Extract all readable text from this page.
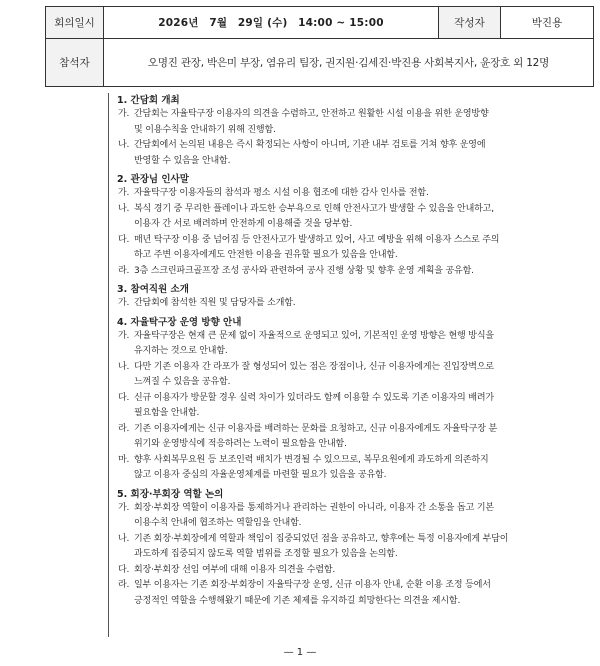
회의일시	2026년　7월　29일 (수)　14:00 ~ 15:00	작성자	박진용
참석자	오명진 관장, 박은미 부장, 염유리 팀장, 권지원·김세진·박진용 사회복지사, 윤장호 외 12명		
1. 간담회 개최
가. 간담회는 자율탁구장 이용자의 의견을 수렴하고, 안전하고 원활한 시설 이용을 위한 운영방향
및 이용수칙을 안내하기 위해 진행함.
나. 간담회에서 논의된 내용은 즉시 확정되는 사항이 아니며, 기관 내부 검토를 거쳐 향후 운영에
반영할 수 있음을 안내함.
2. 관장님 인사말
가. 자율탁구장 이용자들의 참석과 평소 시설 이용 협조에 대한 감사 인사를 전함.
나. 복식 경기 중 무리한 플레이나 과도한 승부욕으로 인해 안전사고가 발생할 수 있음을 안내하고,
이용자 간 서로 배려하며 안전하게 이용해줄 것을 당부함.
다. 매년 탁구장 이용 중 넘어짐 등 안전사고가 발생하고 있어, 사고 예방을 위해 이용자 스스로 주의
하고 주변 이용자에게도 안전한 이용을 권유할 필요가 있음을 안내함.
라. 3층 스크린파크골프장 조성 공사와 관련하여 공사 진행 상황 및 향후 운영 계획을 공유함.
3. 참여직원 소개
가. 간담회에 참석한 직원 및 담당자를 소개함.
4. 자율탁구장 운영 방향 안내
가. 자율탁구장은 현재 큰 문제 없이 자율적으로 운영되고 있어, 기본적인 운영 방향은 현행 방식을
유지하는 것으로 안내함.
나. 다만 기존 이용자 간 라포가 잘 형성되어 있는 점은 장점이나, 신규 이용자에게는 진입장벽으로
느껴질 수 있음을 공유함.
다. 신규 이용자가 방문할 경우 실력 차이가 있더라도 함께 이용할 수 있도록 기존 이용자의 배려가
필요함을 안내함.
라. 기존 이용자에게는 신규 이용자를 배려하는 문화를 요청하고, 신규 이용자에게도 자율탁구장 분
위기와 운영방식에 적응하려는 노력이 필요함을 안내함.
마. 향후 사회복무요원 등 보조인력 배치가 변경될 수 있으므로, 복무요원에게 과도하게 의존하지
않고 이용자 중심의 자율운영체계를 마련할 필요가 있음을 공유함.
5. 회장·부회장 역할 논의
가. 회장·부회장 역할이 이용자를 통제하거나 관리하는 권한이 아니라, 이용자 간 소통을 돕고 기본
이용수칙 안내에 협조하는 역할임을 안내함.
나. 기존 회장·부회장에게 역할과 책임이 집중되었던 점을 공유하고, 향후에는 특정 이용자에게 부담이
과도하게 집중되지 않도록 역할 범위를 조정할 필요가 있음을 논의함.
다. 회장·부회장 선임 여부에 대해 이용자 의견을 수렴함.
라. 일부 이용자는 기존 회장·부회장이 자율탁구장 운영, 신규 이용자 안내, 순환 이용 조정 등에서
긍정적인 역할을 수행해왔기 때문에 기존 체제를 유지하길 희망한다는 의견을 제시함.
— 1 —
